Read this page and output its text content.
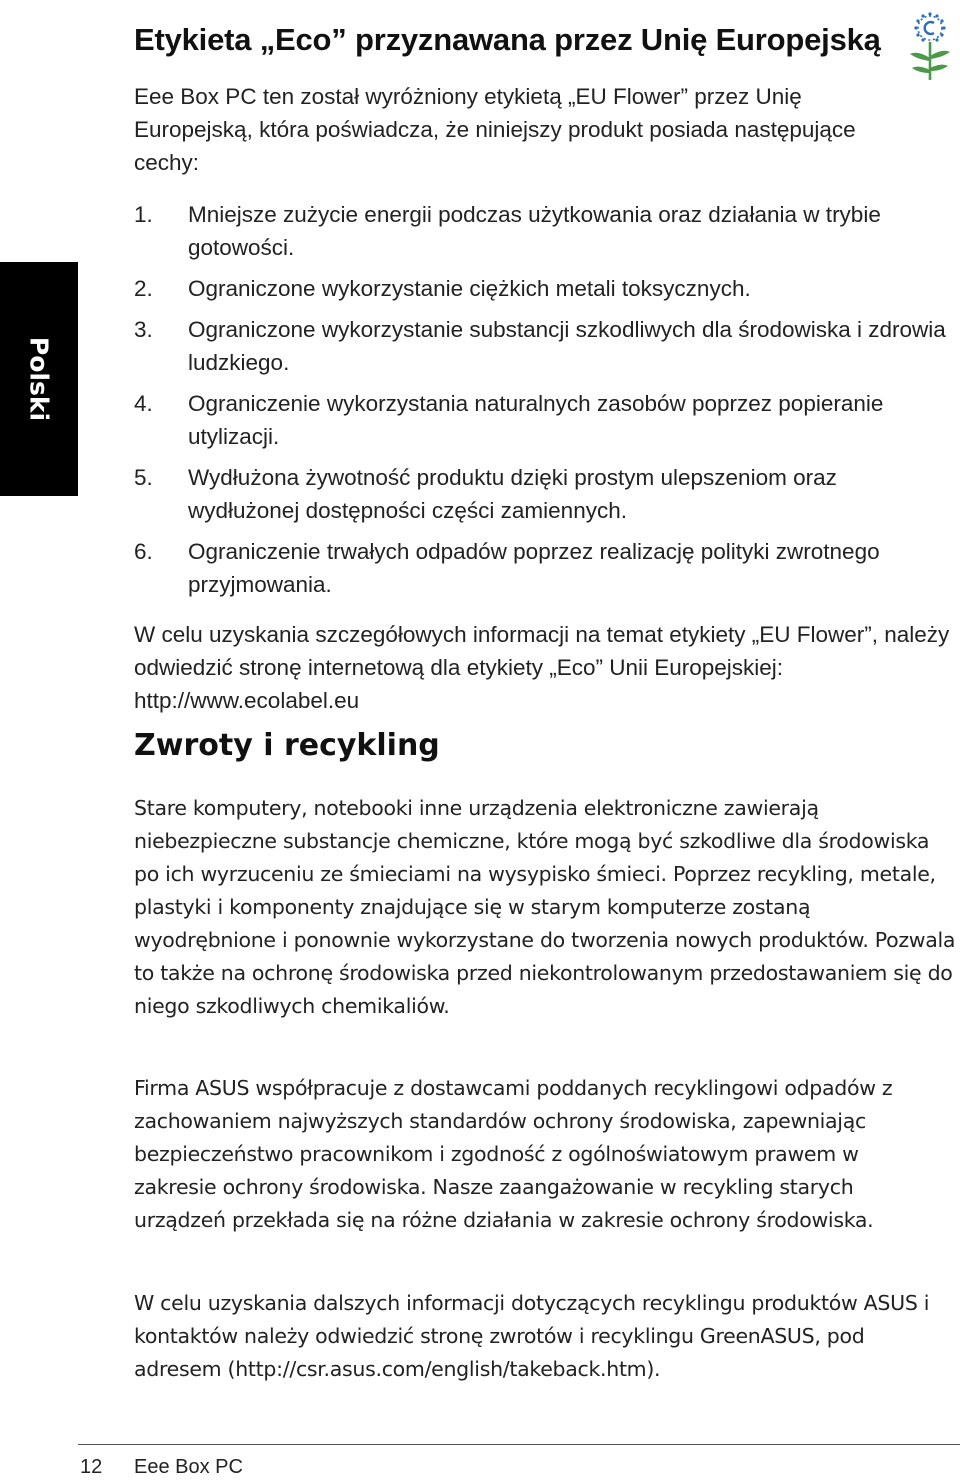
Polski
Etykieta „Eco” przyznawana przez Unię Europejską
Eee Box PC ten został wyróżniony etykietą „EU Flower” przez Unię Europejską, która poświadcza, że niniejszy produkt posiada następujące cechy:
1. Mniejsze zużycie energii podczas użytkowania oraz działania w trybie gotowości.
2. Ograniczone wykorzystanie ciężkich metali toksycznych.
3. Ograniczone wykorzystanie substancji szkodliwych dla środowiska i zdrowia ludzkiego.
4. Ograniczenie wykorzystania naturalnych zasobów poprzez popieranie utylizacji.
5. Wydłużona żywotność produktu dzięki prostym ulepszeniom oraz wydłużonej dostępności części zamiennych.
6. Ograniczenie trwałych odpadów poprzez realizację polityki zwrotnego przyjmowania.
W celu uzyskania szczegółowych informacji na temat etykiety „EU Flower”, należy odwiedzić stronę internetową dla etykiety „Eco” Unii Europejskiej: http://www.ecolabel.eu
Zwroty i recykling
Stare komputery, notebooki inne urządzenia elektroniczne zawierają niebezpieczne substancje chemiczne, które mogą być szkodliwe dla środowiska po ich wyrzuceniu ze śmieciami na wysypisko śmieci. Poprzez recykling, metale, plastyki i komponenty znajdujące się w starym komputerze zostaną wyodrębnione i ponownie wykorzystane do tworzenia nowych produktów. Pozwala to także na ochronę środowiska przed niekontrolowanym przedostawaniem się do niego szkodliwych chemikaliów.
Firma ASUS współpracuje z dostawcami poddanych recyklingowi odpadów z zachowaniem najwyższych standardów ochrony środowiska, zapewniając bezpieczeństwo pracownikom i zgodność z ogólnoświatowym prawem w zakresie ochrony środowiska. Nasze zaangażowanie w recykling starych urządzeń przekłada się na różne działania w zakresie ochrony środowiska.
W celu uzyskania dalszych informacji dotyczących recyklingu produktów ASUS i kontaktów należy odwiedzić stronę zwrotów i recyklingu GreenASUS, pod adresem (http://csr.asus.com/english/takeback.htm).
12 Eee Box PC
